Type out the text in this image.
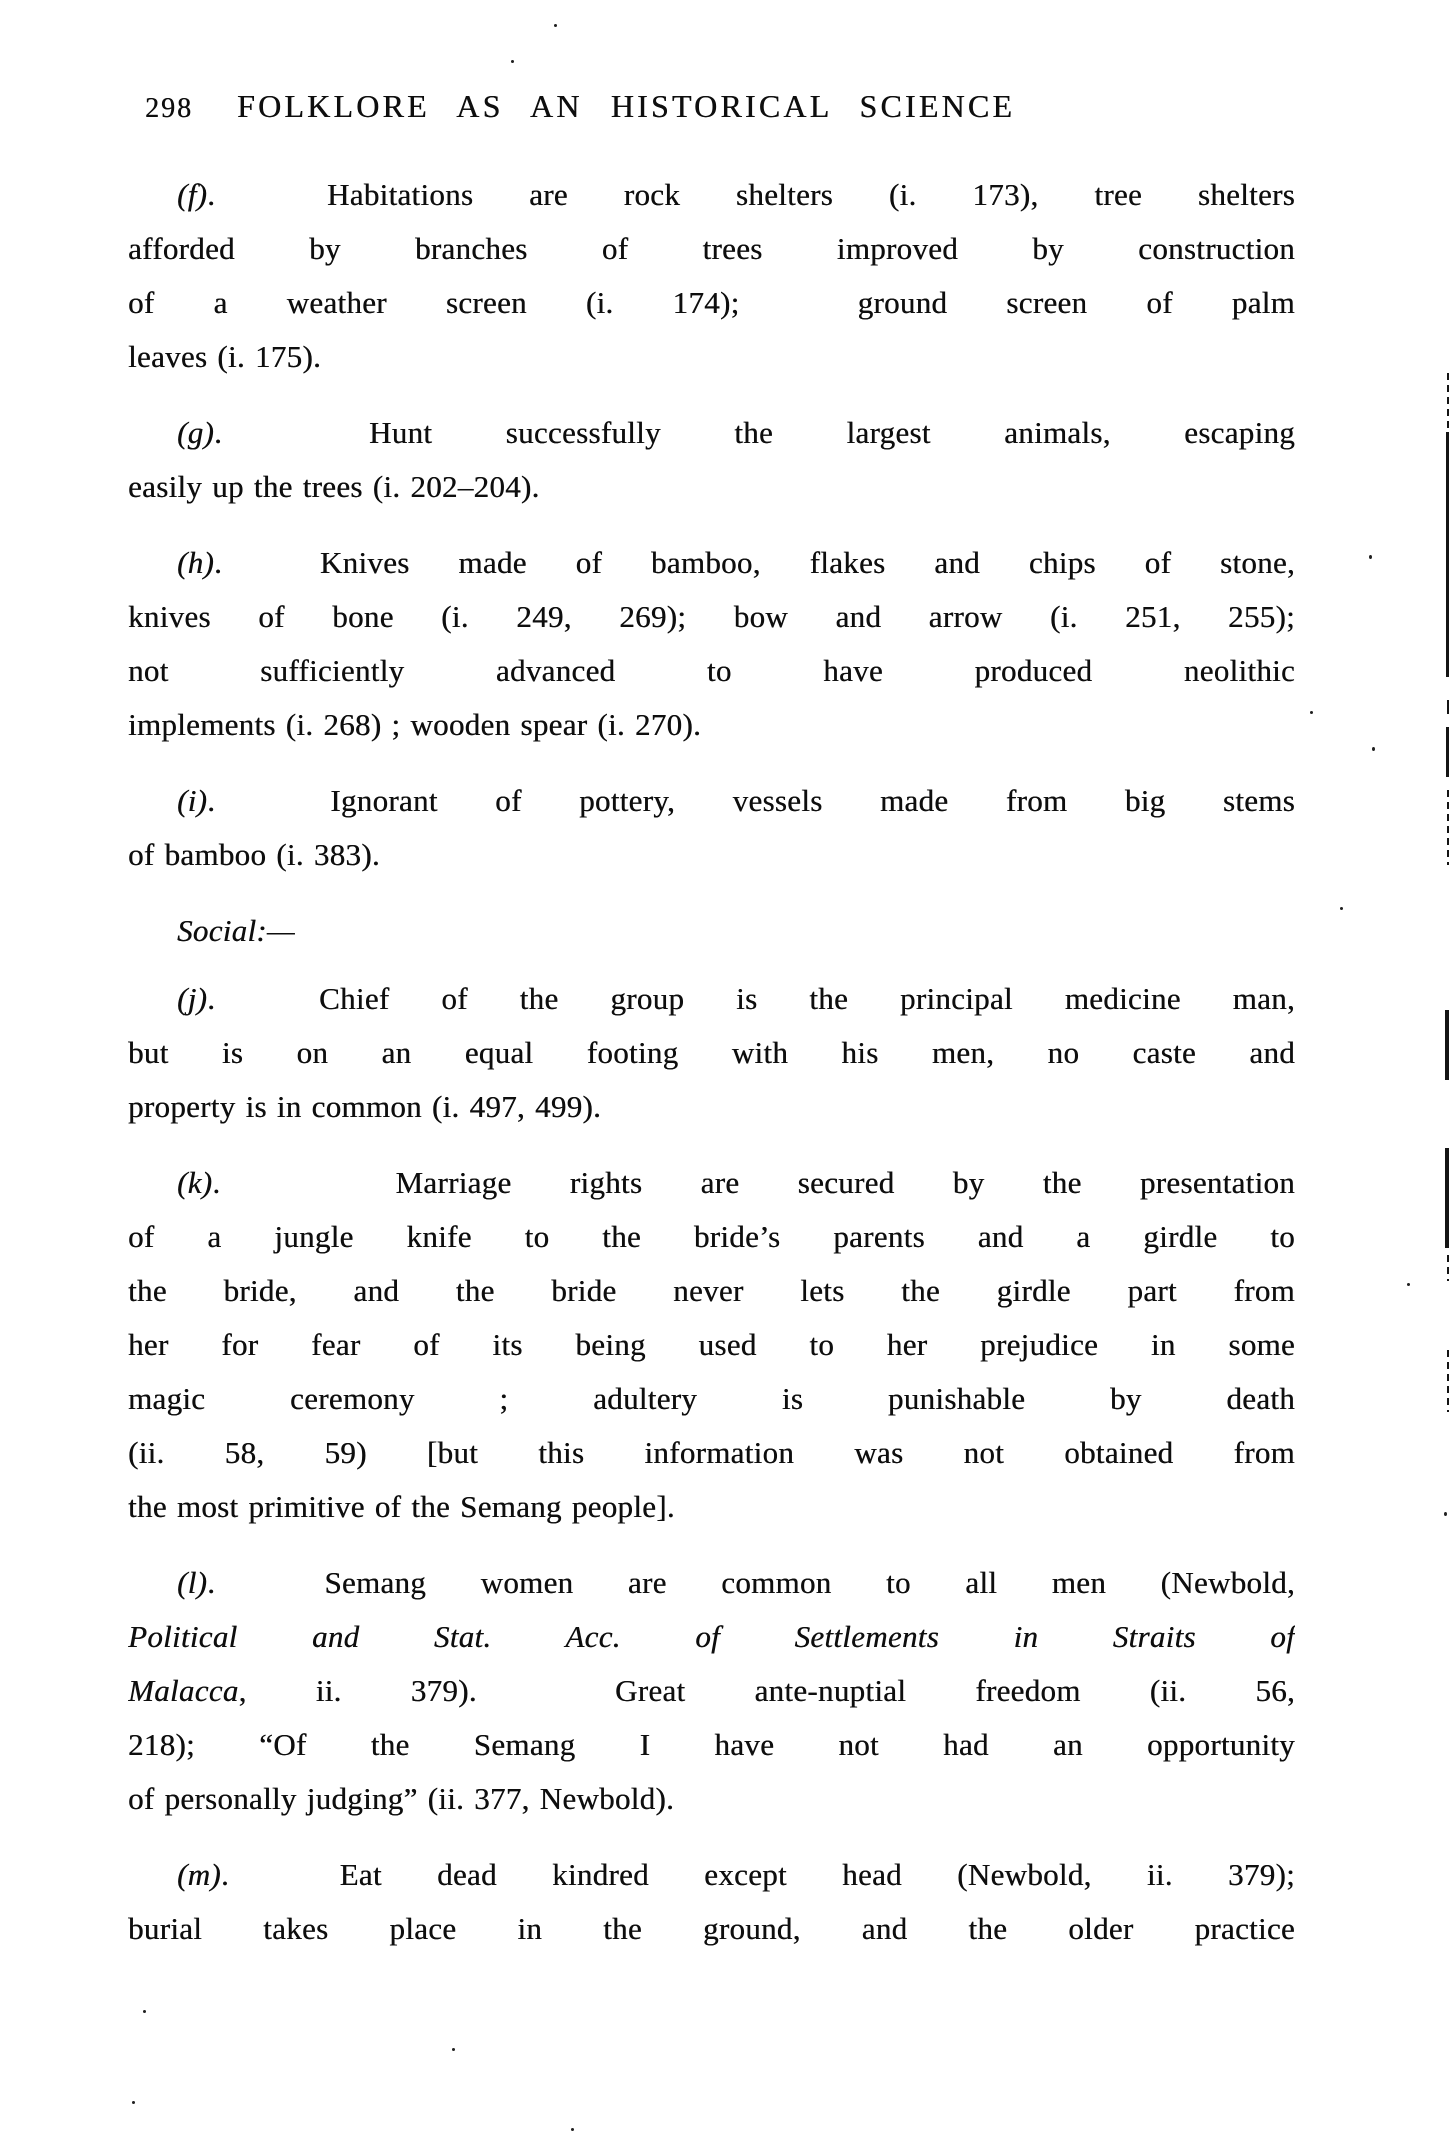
298 FOLKLORE AS AN HISTORICAL SCIENCE
(f).  Habitations are rock shelters (i. 173), tree shelters
afforded by branches of trees improved by construction
of a weather screen (i. 174);  ground screen of palm
leaves (i. 175).
(g).  Hunt successfully the largest animals, escaping
easily up the trees (i. 202–204).
(h).  Knives made of bamboo, flakes and chips of stone,
knives of bone (i. 249, 269); bow and arrow (i. 251, 255);
not sufficiently advanced to have produced neolithic
implements (i. 268) ; wooden spear (i. 270).
(i).  Ignorant of pottery, vessels made from big stems
of bamboo (i. 383).
Social:—
(j).  Chief of the group is the principal medicine man,
but is on an equal footing with his men, no caste and
property is in common (i. 497, 499).
(k).   Marriage rights are secured by the presentation
of a jungle knife to the bride’s parents and a girdle to
the bride, and the bride never lets the girdle part from
her for fear of its being used to her prejudice in some
magic ceremony ; adultery is punishable by death
(ii. 58, 59) [but this information was not obtained from
the most primitive of the Semang people].
(l).  Semang women are common to all men (Newbold,
Political and Stat. Acc. of Settlements in Straits of
Malacca, ii. 379).  Great ante-nuptial freedom (ii. 56,
218); “Of the Semang I have not had an opportunity
of personally judging” (ii. 377, Newbold).
(m).  Eat dead kindred except head (Newbold, ii. 379);
burial takes place in the ground, and the older practice
